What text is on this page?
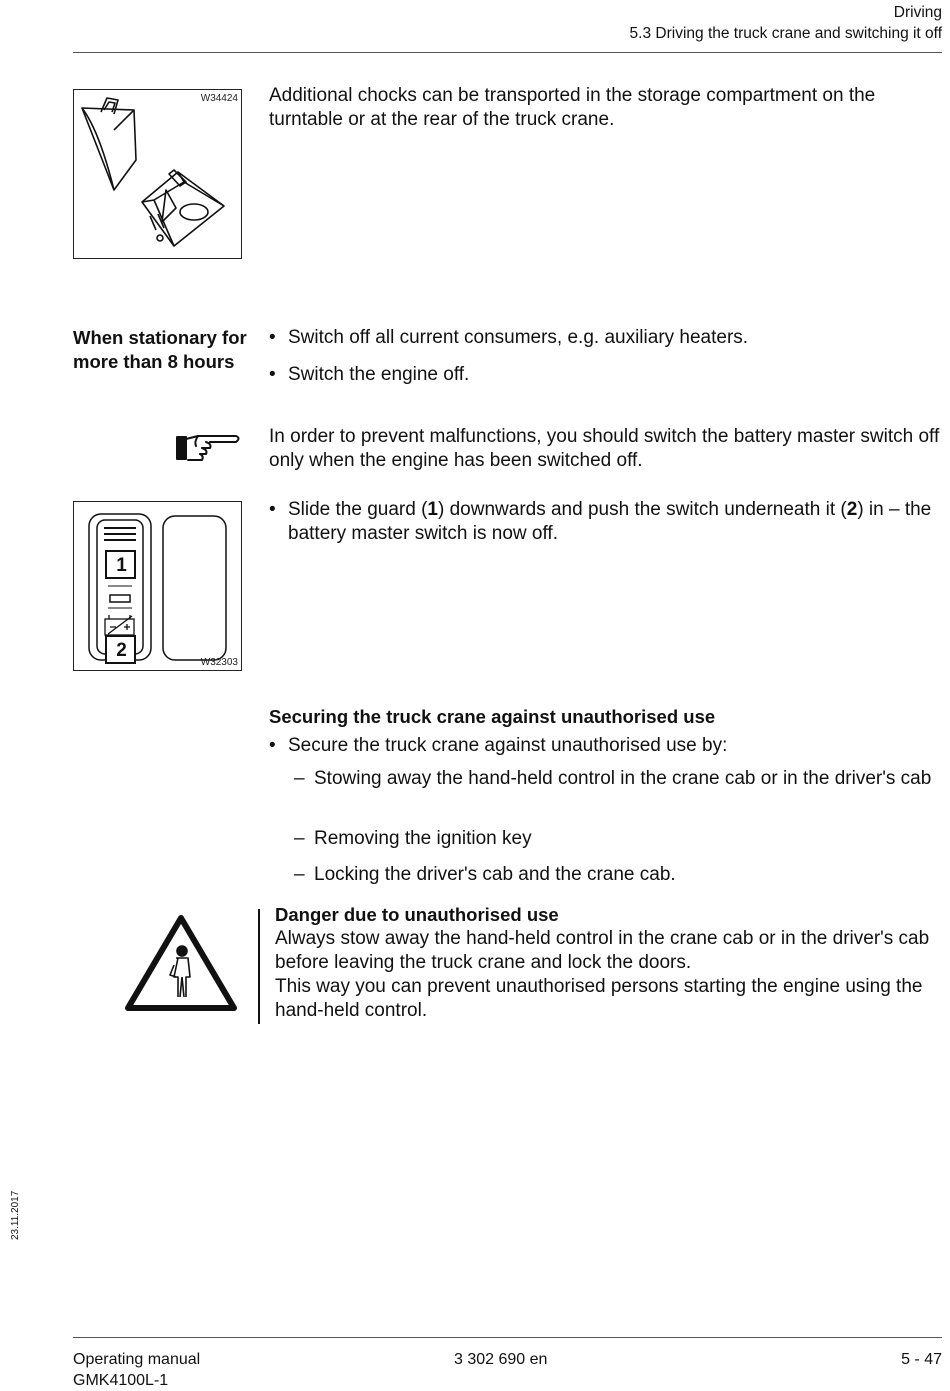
Driving
5.3 Driving the truck crane and switching it off
W34424 Additional chocks can be transported in the storage compartment on the turntable or at the rear of the truck crane.
When stationary for more than 8 hours
• Switch off all current consumers, e.g. auxiliary heaters.
• Switch the engine off.
In order to prevent malfunctions, you should switch the battery master switch off only when the engine has been switched off.
1
2
W32303
• Slide the guard (1) downwards and push the switch underneath it (2) in – the battery master switch is now off.
Securing the truck crane against unauthorised use
• Secure the truck crane against unauthorised use by:
– Stowing away the hand-held control in the crane cab or in the driver's cab
– Removing the ignition key
– Locking the driver's cab and the crane cab.
Danger due to unauthorised use
Always stow away the hand-held control in the crane cab or in the driver's cab before leaving the truck crane and lock the doors.
This way you can prevent unauthorised persons starting the engine using the hand-held control.
23.11.2017
Operating manual
GMK4100L-1
3 302 690 en	5 - 47
